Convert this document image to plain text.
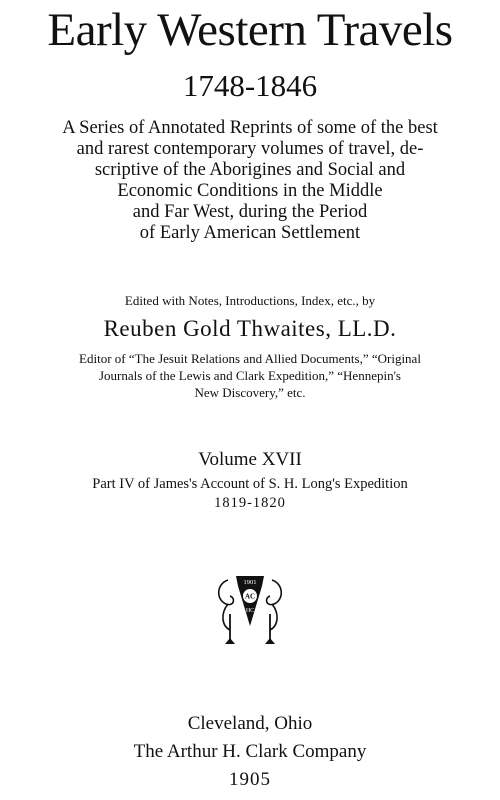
Early Western Travels
1748-1846
A Series of Annotated Reprints of some of the best
and rarest contemporary volumes of travel, de-
scriptive of the Aborigines and Social and
Economic Conditions in the Middle
and Far West, during the Period
of Early American Settlement
Edited with Notes, Introductions, Index, etc., by
Reuben Gold Thwaites, LL.D.
Editor of “The Jesuit Relations and Allied Documents,” “Original
Journals of the Lewis and Clark Expedition,” “Hennepin's
New Discovery,” etc.
Volume XVII
Part IV of James's Account of S. H. Long's Expedition
1819-1820
1901
AC
HC
Cleveland, Ohio
The Arthur H. Clark Company
1905
